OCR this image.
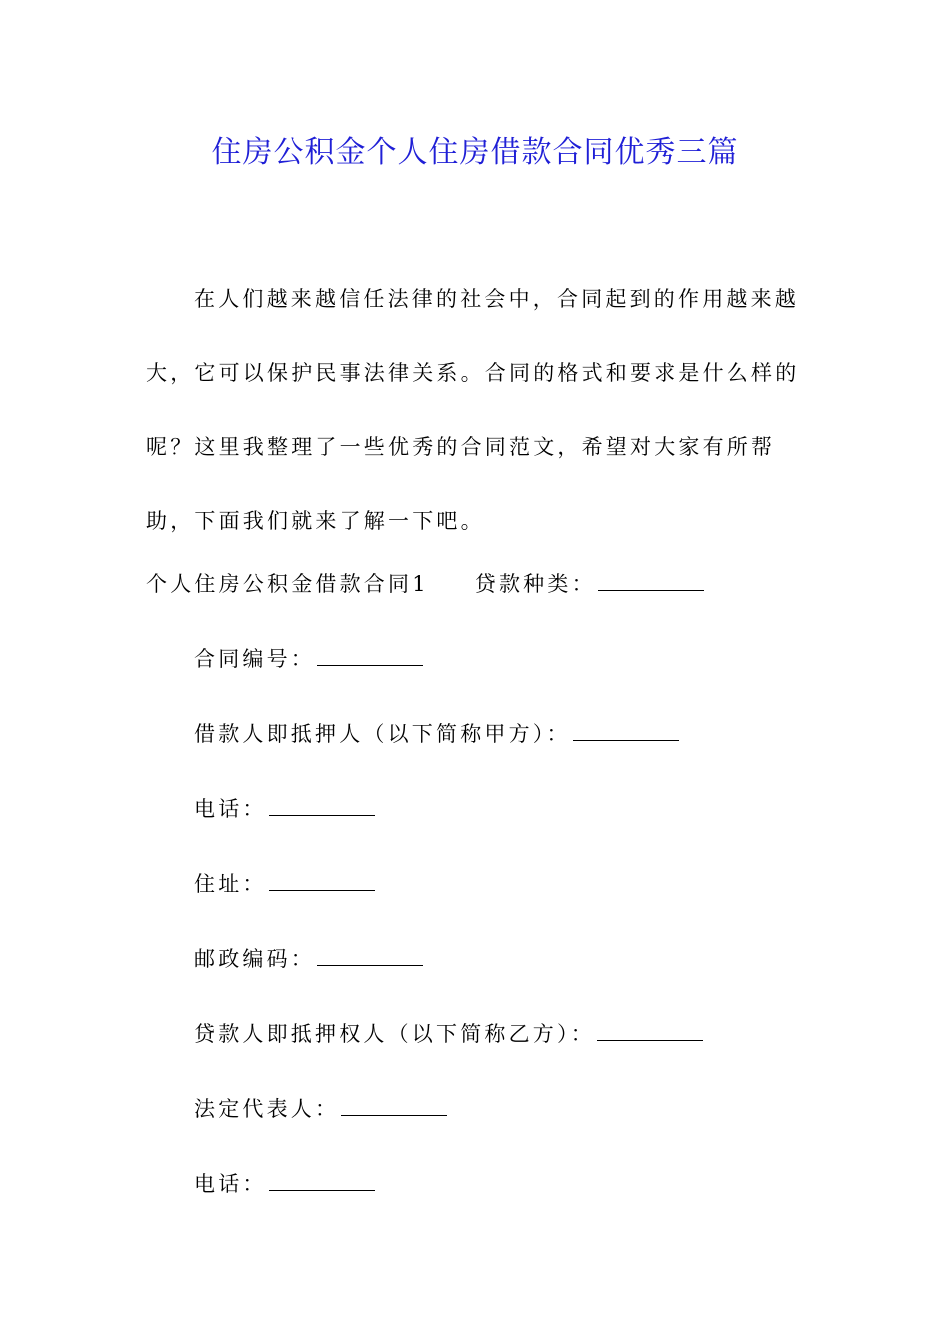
住房公积金个人住房借款合同优秀三篇

在人们越来越信任法律的社会中，合同起到的作用越来越大，它可以保护民事法律关系。合同的格式和要求是什么样的呢？这里我整理了一些优秀的合同范文，希望对大家有所帮助，下面我们就来了解一下吧。

个人住房公积金借款合同1 贷款种类：
合同编号：
借款人即抵押人（以下简称甲方）：
电话：
住址：
邮政编码：
贷款人即抵押权人（以下简称乙方）：
法定代表人：
电话：
